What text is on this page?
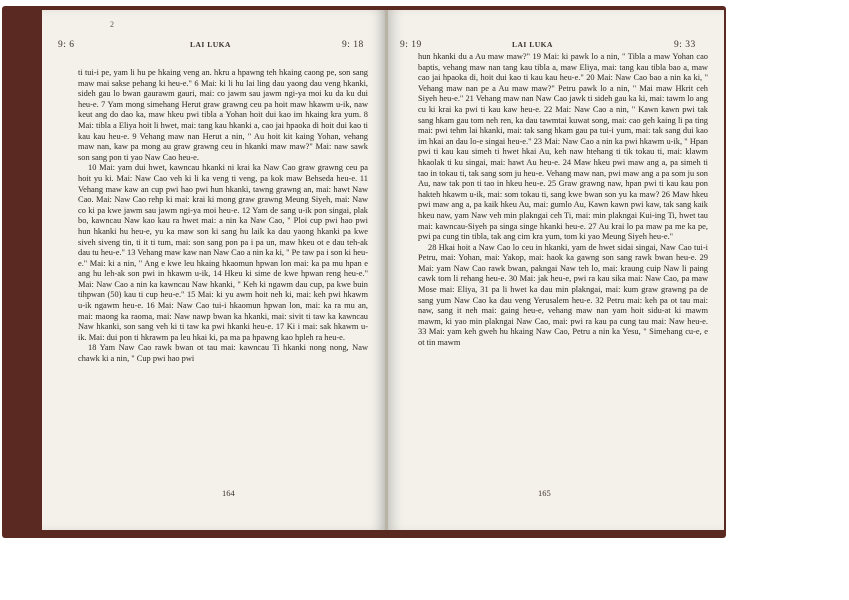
2
9: 6	LAI LUKA	9: 18

ti tui-i pe, yam li hu pe hkaing veng an. hkru a hpawng teh hkaing caong pe, son sang maw mai sakse pehang ki heu-e." 6 Mai: ki li hu lai ling dau yaong dau veng hkanki, sideh gau lo bwan gaurawm gauri, mai: co jawm sau jawm ngi-ya moi ku da ku dui heu-e. 7 Yam mong simehang Herut graw grawng ceu pa hoit maw hkawm u-ik, naw keut ang do dao ka, maw hkeu pwi tibla a Yohan hoit dui kao im hkaing kra yum. 8 Mai: tibla a Eliya hoit li hwet, mai: tang kau hkanki a, cao jai hpaoka di hoit dui kao ti kau kau heu-e. 9 Vehang maw nan Herut a nin, " Au hoit kit kaing Yohan, vehang maw nan, kaw pa mong au graw grawng ceu in hkanki maw maw?" Mai: naw sawk son sang pon ti yao Naw Cao heu-e.

10 Mai: yam dui hwet, kawncau hkanki ni krai ka Naw Cao graw grawng ceu pa hoit yu ki. Mai: Naw Cao veh ki li ka veng ti veng, pa kok maw Behseda heu-e. 11 Vehang maw kaw an cup pwi hao pwi hun hkanki, tawng grawng an, mai: hawt Naw Cao. Mai: Naw Cao rehp ki mai: krai ki mong graw grawng Meung Siyeh, mai: Naw co ki pa kwe jawm sau jawm ngi-ya moi heu-e. 12 Yam de sang u-ik pon singai, plak bo, kawncau Naw kao kau ra hwet mai: a nin ka Naw Cao, " Ploi cup pwi hao pwi hun hkanki hu heu-e, yu ka maw son ki sang hu laik ka dau yaong hkanki pa kwe siveh siveng tin, ti it ti tum, mai: son sang pon pa i pa un, maw hkeu ot e dau teh-ak dau tu heu-e." 13 Vehang maw kaw nan Naw Cao a nin ka ki, " Pe taw pa i son ki heu-e." Mai: ki a nin, " Ang e kwe leu hkaing hkaomun hpwan lon mai: ka pa mu hpan e ang hu leh-ak son pwi in hkawm u-ik, 14 Hkeu ki sime de kwe hpwan reng heu-e." Mai: Naw Cao a nin ka kawncau Naw hkanki, " Keh ki ngawm dau cup, pa kwe buin tihpwan (50) kau ti cup heu-e." 15 Mai: ki yu awm hoit neh ki, mai: keh pwi hkawm u-ik ngawm heu-e. 16 Mai: Naw Cao tui-i hkaomun hpwan lon, mai: ka ra mu an, mai: maong ka raoma, mai: Naw nawp bwan ka hkanki, mai: sivit ti taw ka kawncau Naw hkanki, son sang veh ki ti taw ka pwi hkanki heu-e. 17 Ki i mai: sak hkawm u-ik. Mai: dui pon ti hkrawm pa leu hkai ki, pa ma pa hpawng kao hpleh ra heu-e.

18 Yam Naw Cao rawk bwan ot tau mai: kawncau Ti hkanki nong nong, Naw chawk ki a nin, " Cup pwi hao pwi

164
9: 19	LAI LUKA	9: 33

hun hkanki du a Au maw maw?" 19 Mai: ki pawk lo a nin, " Tibla a maw Yohan cao baptis, vehang maw nan tang kau tibla a, maw Eliya, mai: tang kau tibla bao a, maw cao jai hpaoka di, hoit dui kao ti kau kau heu-e." 20 Mai: Naw Cao bao a nin ka ki, " Vehang maw nan pe a Au maw maw?" Petru pawk lo a nin, " Mai maw Hkrit ceh Siyeh heu-e." 21 Vehang maw nan Naw Cao jawk ti sideh gau ka ki, mai: tawm lo ang cu ki krai ka pwi ti kau kaw heu-e. 22 Mai: Naw Cao a nin, " Kawn kawn pwi tak sang hkam gau tom neh ren, ka dau tawmtai kuwat song, mai: cao geh kaing li pa ting mai: pwi tehm lai hkanki, mai: tak sang hkam gau pa tui-i yum, mai: tak sang dui kao im hkai an dau lo-e singai heu-e." 23 Mai: Naw Cao a nin ka pwi hkawm u-ik, " Hpan pwi ti kau kau simeh ti hwet hkai Au, keh naw htehang ti tik tokau ti, mai: klawm hkaolak ti ku singai, mai: hawt Au heu-e. 24 Maw hkeu pwi maw ang a, pa simeh ti tao in tokau ti, tak sang som ju heu-e. Vehang maw nan, pwi maw ang a pa som ju son Au, naw tak pon ti tao in hkeu heu-e. 25 Graw grawng naw, hpan pwi ti kau kau pon hakteh hkawm u-ik, mai: som tokau ti, sang kwe bwan son yu ka maw? 26 Maw hkeu pwi maw ang a, pa kaik hkeu Au, mai: gumlo Au, Kawn kawn pwi kaw, tak sang kaik hkeu naw, yam Naw veh min plakngai ceh Ti, mai: min plakngai Kui-ing Ti, hwet tau mai: kawncau-Siyeh pa singa singe hkanki heu-e. 27 Au krai lo pa maw pa me ka pe, pwi pa cung tin tibla, tak ang cim kra yum, tom ki yao Meung Siyeh heu-e."

28 Hkai hoit a Naw Cao lo ceu in hkanki, yam de hwet sidai singai, Naw Cao tui-i Petru, mai: Yohan, mai: Yakop, mai: haok ka gawng son sang rawk bwan heu-e. 29 Mai: yam Naw Cao rawk bwan, pakngai Naw teh lo, mai: kraung cuip Naw li paing cawk tom li rehang heu-e. 30 Mai: jak heu-e, pwi ra kau sika mai: Naw Cao, pa maw Mose mai: Eliya, 31 pa li hwet ka dau min plakngai, mai: kum graw grawng pa de sang yum Naw Cao ka dau veng Yerusalem heu-e. 32 Petru mai: keh pa ot tau mai: naw, sang it neh mai: gaing heu-e, vehang maw nan yam hoit sidu-at ki mawm mawm, ki yao min plakngai Naw Cao, mai: pwi ra kau pa cung tau mai: Naw heu-e. 33 Mai: yam keh gweh hu hkaing Naw Cao, Petru a nin ka Yesu, " Simehang cu-e, e ot tin mawm

165
